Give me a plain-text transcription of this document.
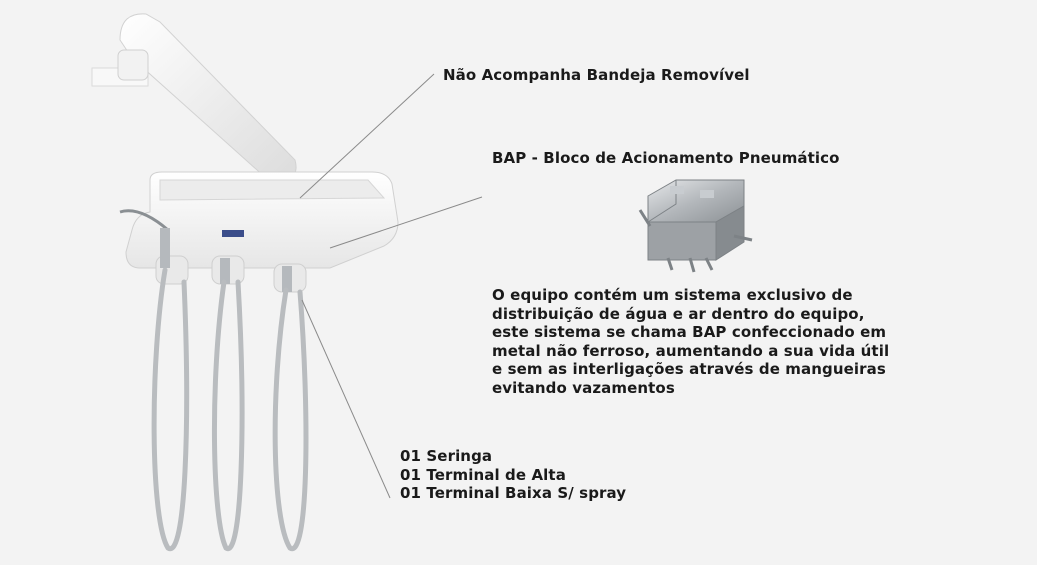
Não Acompanha Bandeja Removível
BAP - Bloco de Acionamento Pneumático
O equipo contém um sistema exclusivo de
distribuição de água e ar dentro do equipo,
este sistema se chama BAP confeccionado em
metal não ferroso, aumentando a sua vida útil
e sem as interligações através de mangueiras
evitando vazamentos
01 Seringa
01 Terminal de Alta
01 Terminal Baixa S/ spray
